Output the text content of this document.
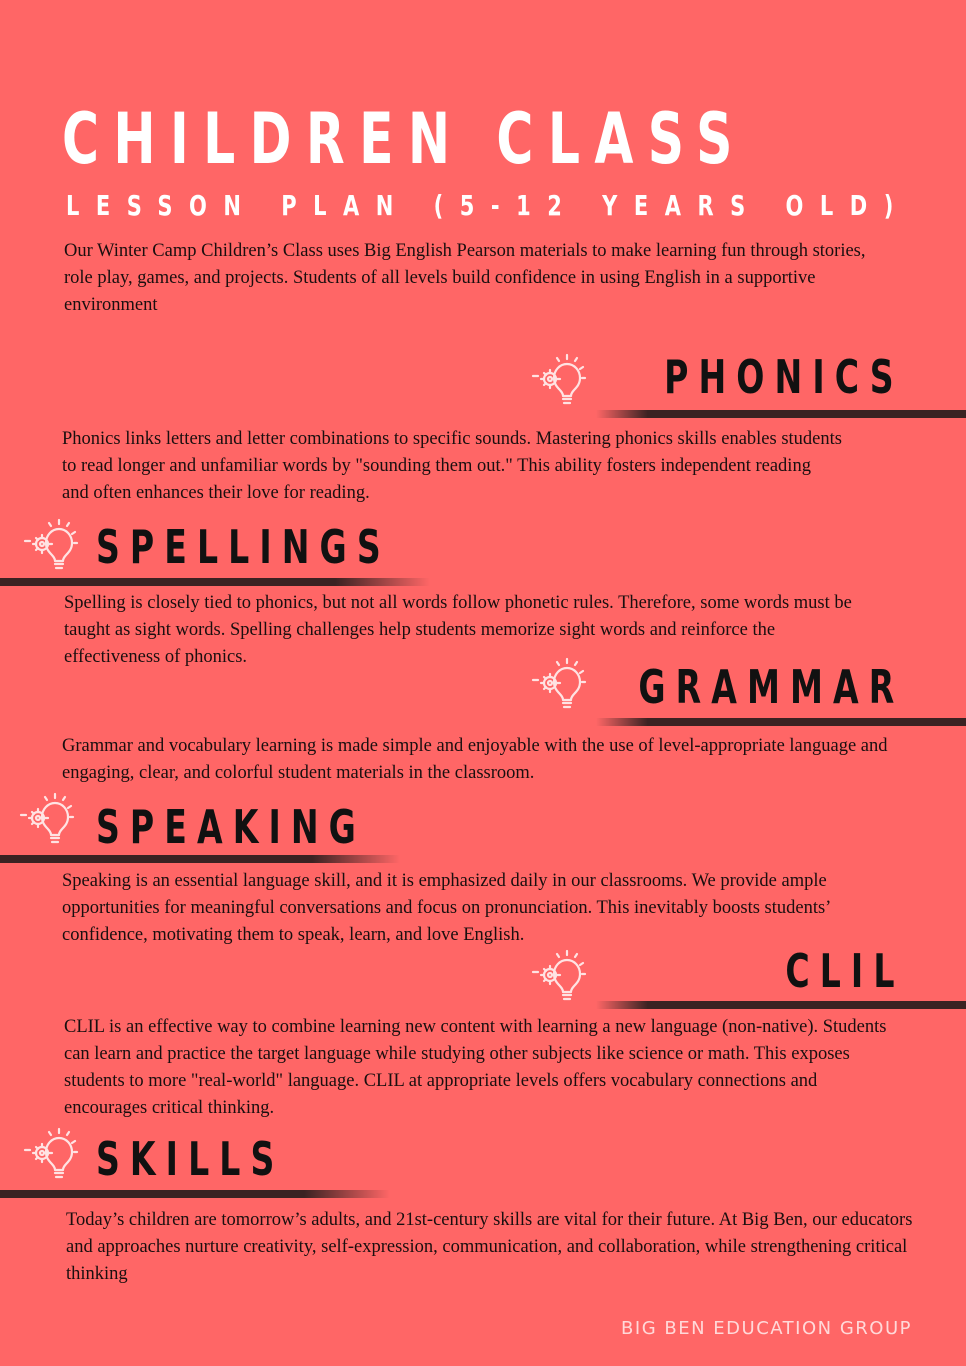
CHILDREN CLASS
LESSON PLAN (5-12 YEARS OLD)

Our Winter Camp Children’s Class uses Big English Pearson materials to make learning fun through stories, role play, games, and projects. Students of all levels build confidence in using English in a supportive environment

PHONICS

Phonics links letters and letter combinations to specific sounds. Mastering phonics skills enables students to read longer and unfamiliar words by "sounding them out." This ability fosters independent reading and often enhances their love for reading.

SPELLINGS

Spelling is closely tied to phonics, but not all words follow phonetic rules. Therefore, some words must be taught as sight words. Spelling challenges help students memorize sight words and reinforce the effectiveness of phonics.

GRAMMAR

Grammar and vocabulary learning is made simple and enjoyable with the use of level-appropriate language and engaging, clear, and colorful student materials in the classroom.

SPEAKING

Speaking is an essential language skill, and it is emphasized daily in our classrooms. We provide ample opportunities for meaningful conversations and focus on pronunciation. This inevitably boosts students’ confidence, motivating them to speak, learn, and love English.

CLIL

CLIL is an effective way to combine learning new content with learning a new language (non-native). Students can learn and practice the target language while studying other subjects like science or math. This exposes students to more "real-world" language. CLIL at appropriate levels offers vocabulary connections and encourages critical thinking.

SKILLS

Today’s children are tomorrow’s adults, and 21st-century skills are vital for their future. At Big Ben, our educators and approaches nurture creativity, self-expression, communication, and collaboration, while strengthening critical thinking

BIG BEN EDUCATION GROUP
